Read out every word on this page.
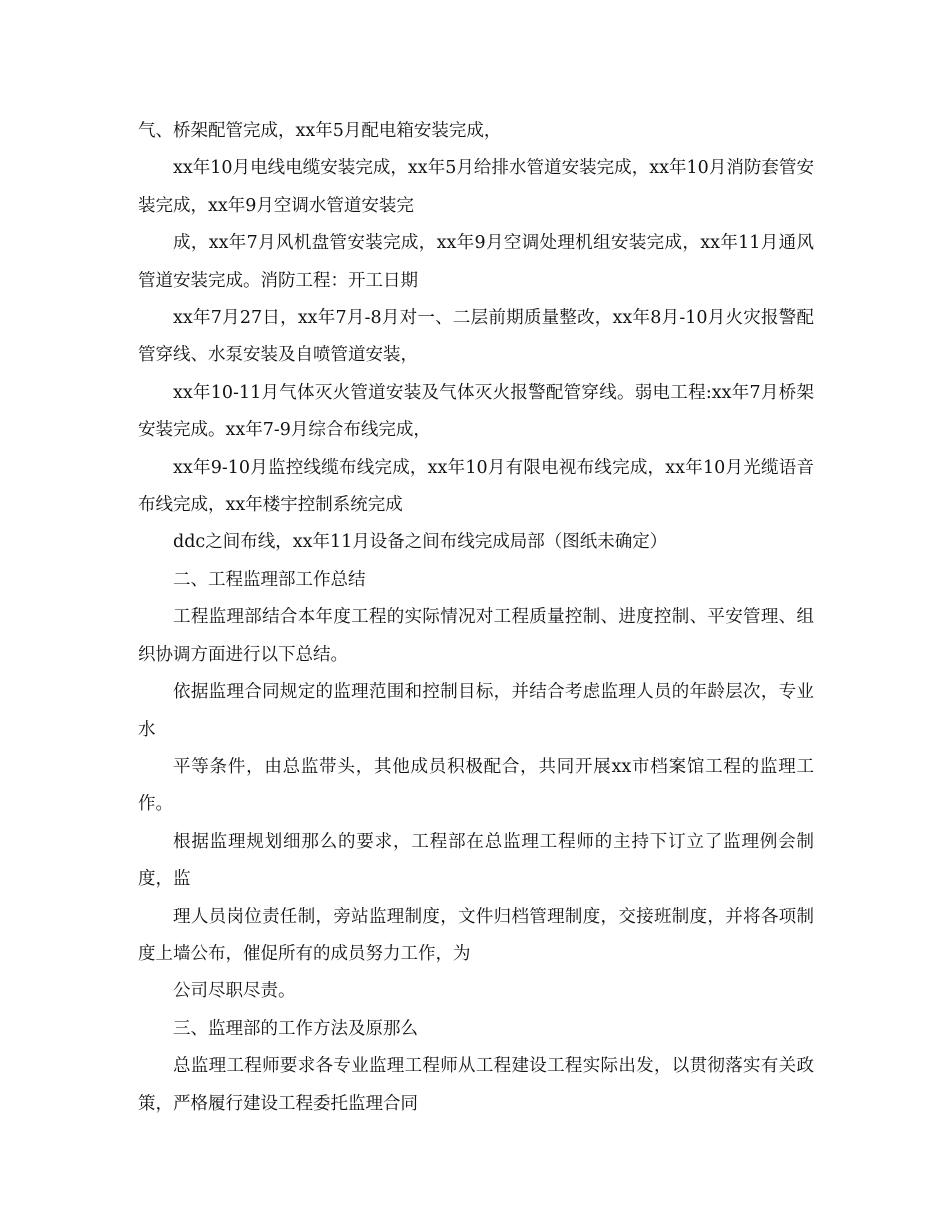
气、桥架配管完成，xx年5月配电箱安装完成，

xx年10月电线电缆安装完成，xx年5月给排水管道安装完成，xx年10月消防套管安装完成，xx年9月空调水管道安装完

成，xx年7月风机盘管安装完成，xx年9月空调处理机组安装完成，xx年11月通风管道安装完成。消防工程：开工日期

xx年7月27日，xx年7月-8月对一、二层前期质量整改，xx年8月-10月火灾报警配管穿线、水泵安装及自喷管道安装，

xx年10-11月气体灭火管道安装及气体灭火报警配管穿线。弱电工程:xx年7月桥架安装完成。xx年7-9月综合布线完成，

xx年9-10月监控线缆布线完成，xx年10月有限电视布线完成，xx年10月光缆语音布线完成，xx年楼宇控制系统完成

ddc之间布线，xx年11月设备之间布线完成局部（图纸未确定）

二、工程监理部工作总结

工程监理部结合本年度工程的实际情况对工程质量控制、进度控制、平安管理、组织协调方面进行以下总结。

依据监理合同规定的监理范围和控制目标，并结合考虑监理人员的年龄层次，专业水

平等条件，由总监带头，其他成员积极配合，共同开展xx市档案馆工程的监理工作。

根据监理规划细那么的要求，工程部在总监理工程师的主持下订立了监理例会制度，监

理人员岗位责任制，旁站监理制度，文件归档管理制度，交接班制度，并将各项制度上墙公布，催促所有的成员努力工作，为

公司尽职尽责。

三、监理部的工作方法及原那么

总监理工程师要求各专业监理工程师从工程建设工程实际出发，以贯彻落实有关政策，严格履行建设工程委托监理合同
